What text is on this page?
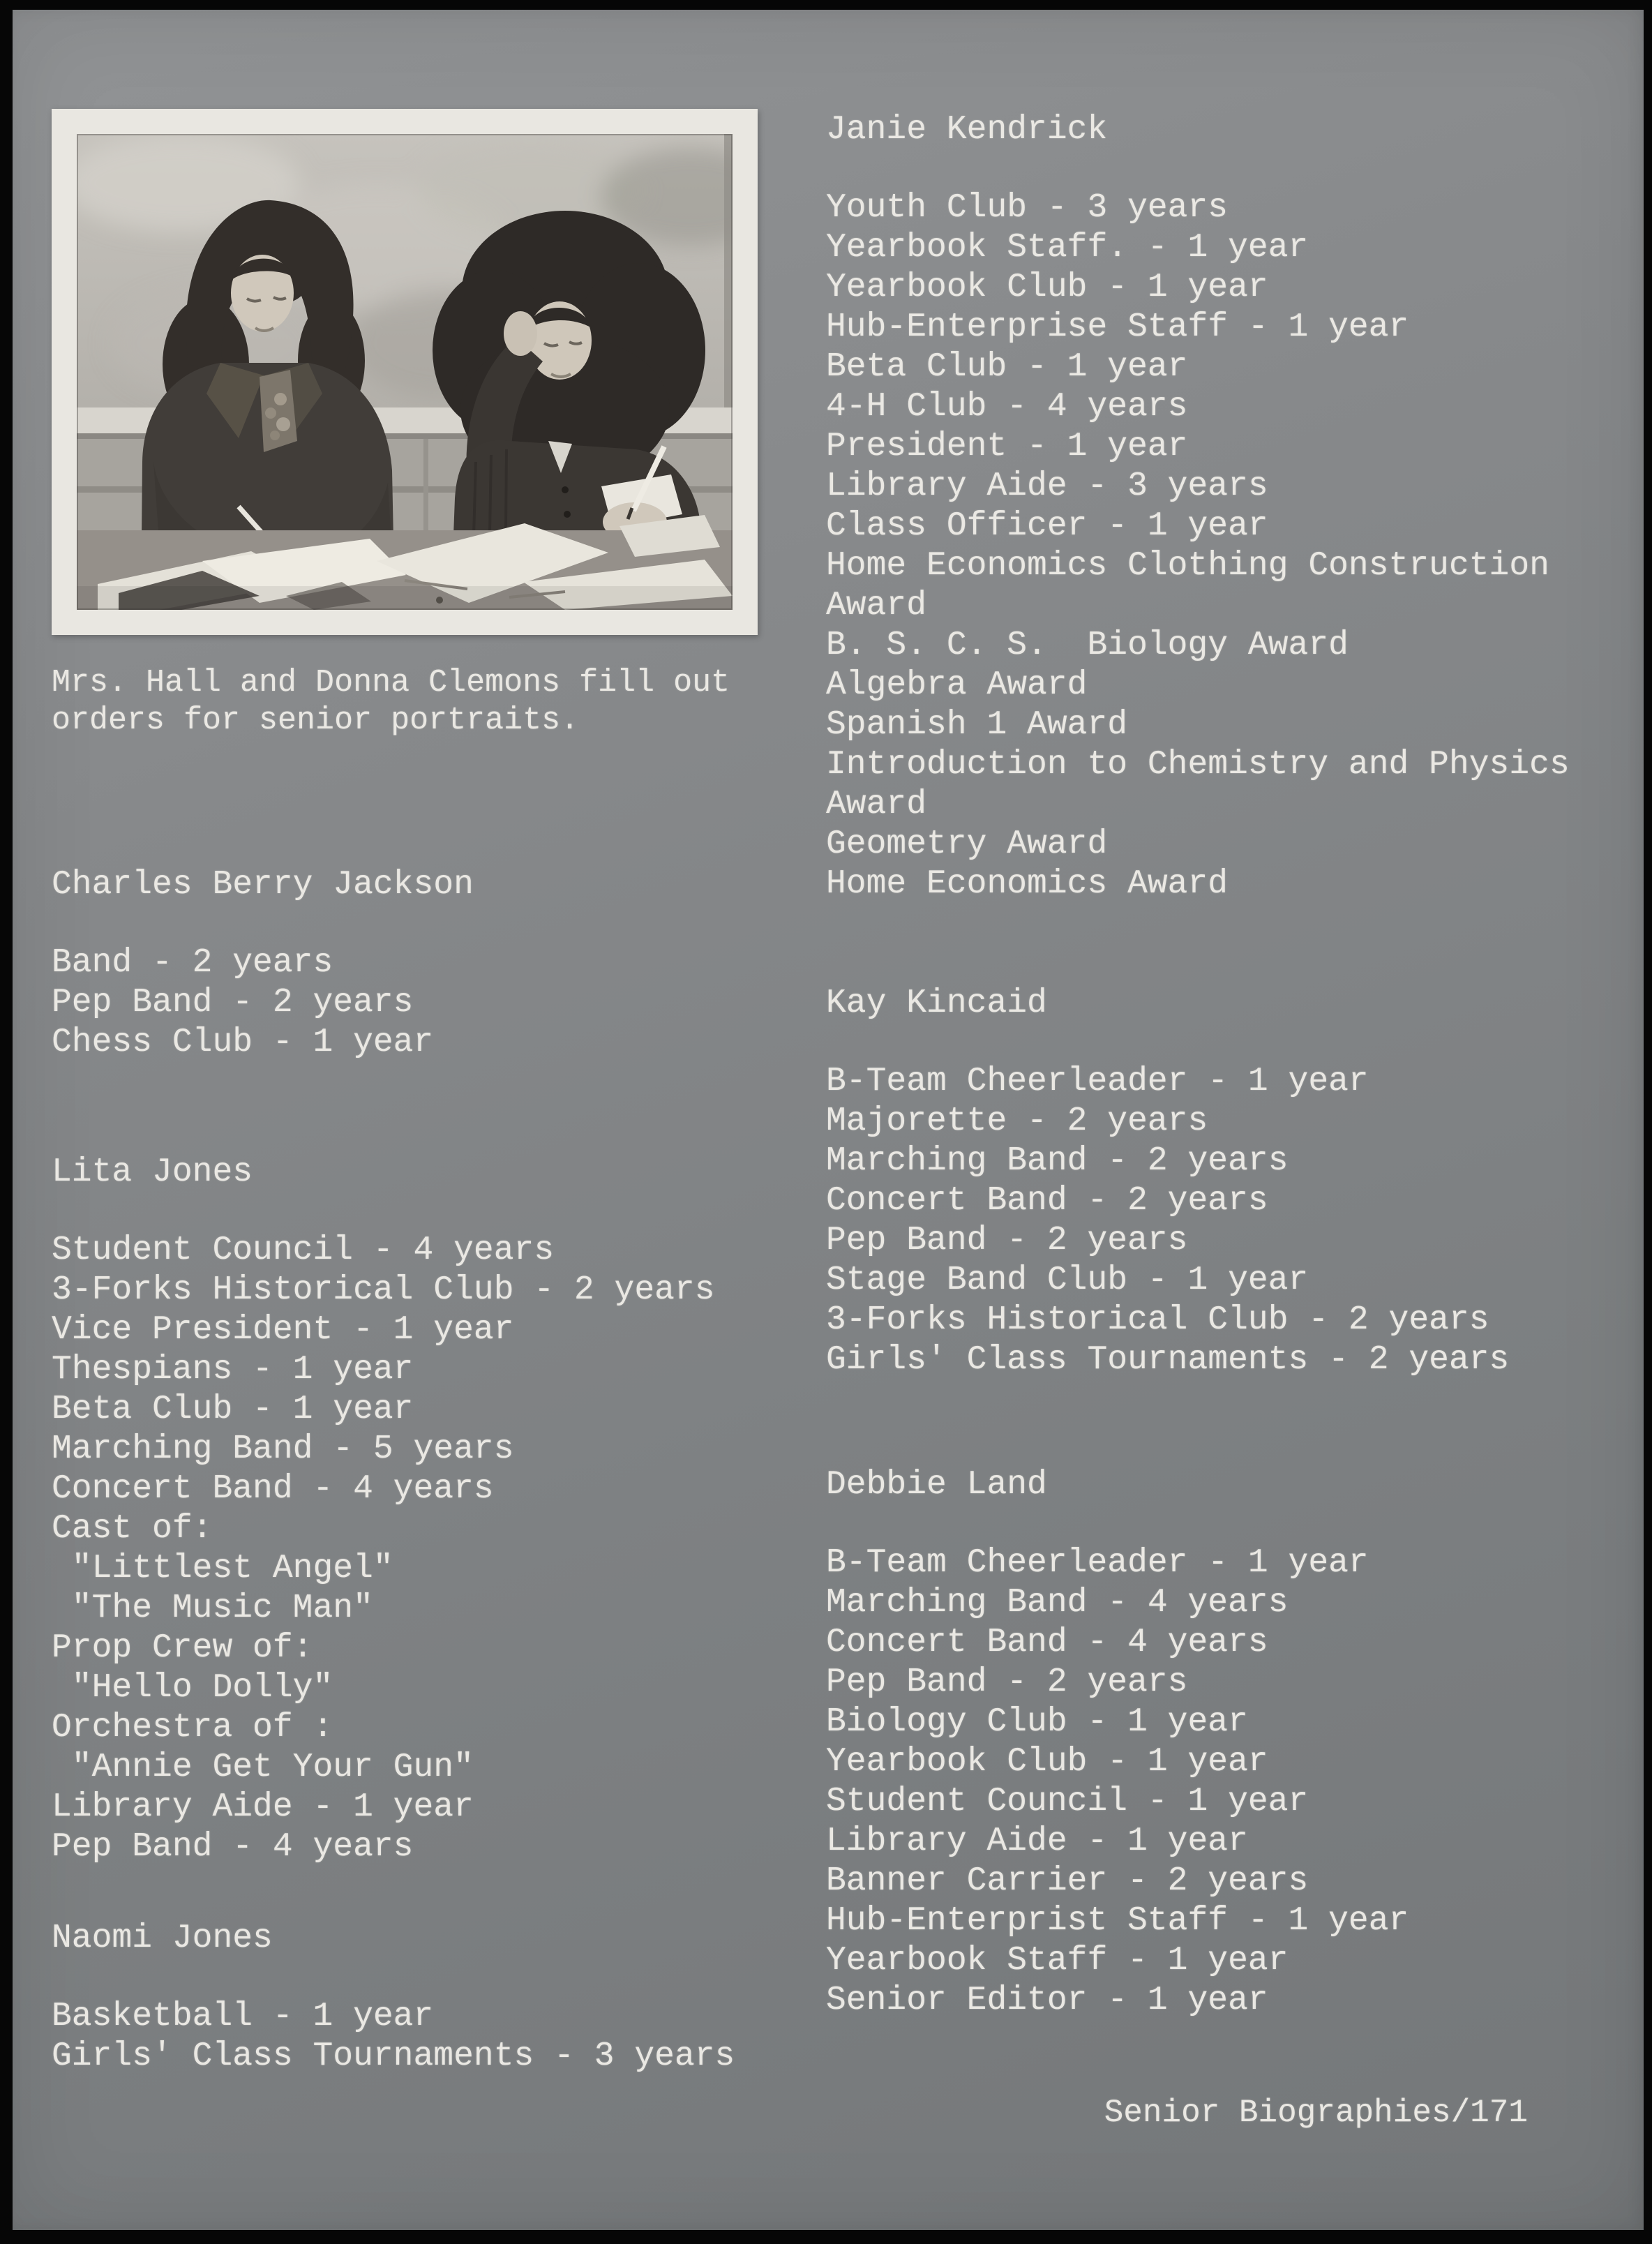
Mrs. Hall and Donna Clemons fill out
orders for senior portraits.
Charles Berry Jackson
Band - 2 years
Pep Band - 2 years
Chess Club - 1 year
Lita Jones
Student Council - 4 years
3-Forks Historical Club - 2 years
Vice President - 1 year
Thespians - 1 year
Beta Club - 1 year
Marching Band - 5 years
Concert Band - 4 years
Cast of:
"Littlest Angel"
"The Music Man"
Prop Crew of:
"Hello Dolly"
Orchestra of :
"Annie Get Your Gun"
Library Aide - 1 year
Pep Band - 4 years
Naomi Jones
Basketball - 1 year
Girls' Class Tournaments - 3 years
Janie Kendrick
Youth Club - 3 years
Yearbook Staff. - 1 year
Yearbook Club - 1 year
Hub-Enterprise Staff - 1 year
Beta Club - 1 year
4-H Club - 4 years
President - 1 year
Library Aide - 3 years
Class Officer - 1 year
Home Economics Clothing Construction
Award
B. S. C. S.  Biology Award
Algebra Award
Spanish 1 Award
Introduction to Chemistry and Physics
Award
Geometry Award
Home Economics Award
Kay Kincaid
B-Team Cheerleader - 1 year
Majorette - 2 years
Marching Band - 2 years
Concert Band - 2 years
Pep Band - 2 years
Stage Band Club - 1 year
3-Forks Historical Club - 2 years
Girls' Class Tournaments - 2 years
Debbie Land
B-Team Cheerleader - 1 year
Marching Band - 4 years
Concert Band - 4 years
Pep Band - 2 years
Biology Club - 1 year
Yearbook Club - 1 year
Student Council - 1 year
Library Aide - 1 year
Banner Carrier - 2 years
Hub-Enterprist Staff - 1 year
Yearbook Staff - 1 year
Senior Editor - 1 year
Senior Biographies/171
